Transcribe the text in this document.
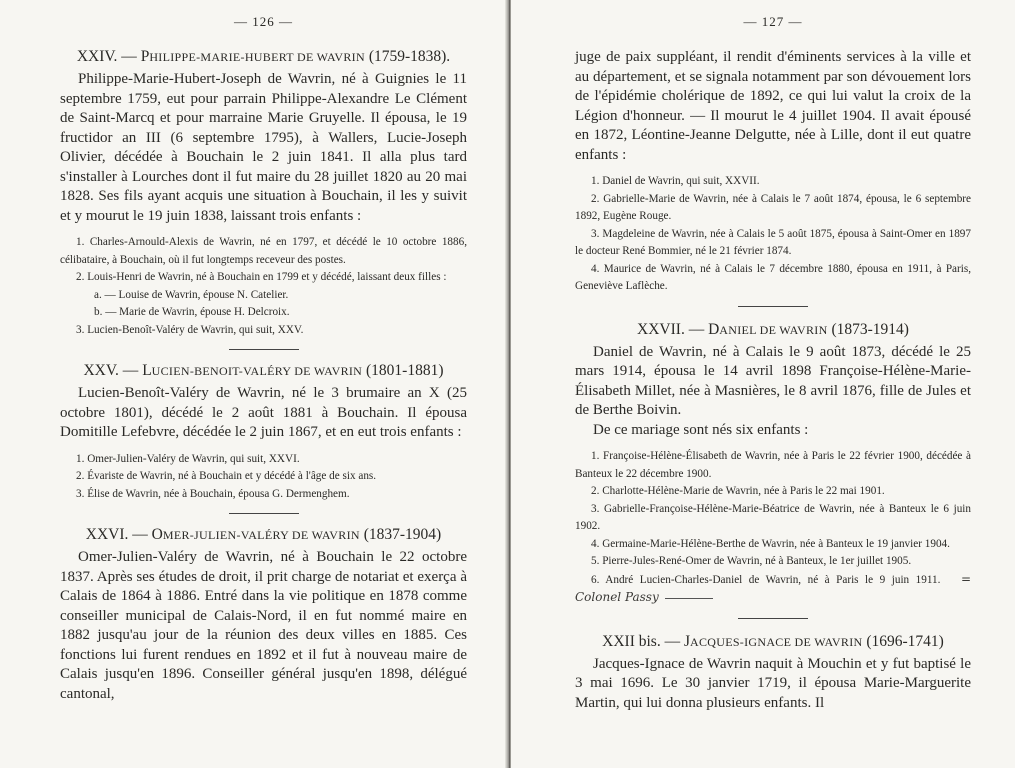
— 126 —
XXIV. — PHILIPPE-MARIE-HUBERT DE WAVRIN (1759-1838).

Philippe-Marie-Hubert-Joseph de Wavrin, né à Guignies le 11 septembre 1759, eut pour parrain Philippe-Alexandre Le Clément de Saint-Marcq et pour marraine Marie Gruyelle. Il épousa, le 19 fructidor an III (6 septembre 1795), à Wallers, Lucie-Joseph Olivier, décédée à Bouchain le 2 juin 1841. Il alla plus tard s'installer à Lourches dont il fut maire du 28 juillet 1820 au 20 mai 1828. Ses fils ayant acquis une situation à Bouchain, il les y suivit et y mourut le 19 juin 1838, laissant trois enfants :

1. Charles-Arnould-Alexis de Wavrin, né en 1797, et décédé le 10 octobre 1886, célibataire, à Bouchain, où il fut longtemps receveur des postes.
2. Louis-Henri de Wavrin, né à Bouchain en 1799 et y décédé, laissant deux filles :
a. — Louise de Wavrin, épouse N. Catelier.
b. — Marie de Wavrin, épouse H. Delcroix.
3. Lucien-Benoît-Valéry de Wavrin, qui suit, XXV.
XXV. — LUCIEN-BENOIT-VALÉRY DE WAVRIN (1801-1881)

Lucien-Benoît-Valéry de Wavrin, né le 3 brumaire an X (25 octobre 1801), décédé le 2 août 1881 à Bouchain. Il épousa Domitille Lefebvre, décédée le 2 juin 1867, et en eut trois enfants :

1. Omer-Julien-Valéry de Wavrin, qui suit, XXVI.
2. Évariste de Wavrin, né à Bouchain et y décédé à l'âge de six ans.
3. Élise de Wavrin, née à Bouchain, épousa G. Dermenghem.
XXVI. — OMER-JULIEN-VALÉRY DE WAVRIN (1837-1904)

Omer-Julien-Valéry de Wavrin, né à Bouchain le 22 octobre 1837. Après ses études de droit, il prit charge de notariat et exerça à Calais de 1864 à 1886. Entré dans la vie politique en 1878 comme conseiller municipal de Calais-Nord, il en fut nommé maire en 1882 jusqu'au jour de la réunion des deux villes en 1885. Ces fonctions lui furent rendues en 1892 et il fut à nouveau maire de Calais jusqu'en 1896. Conseiller général jusqu'en 1898, délégué cantonal,

— 127 —

juge de paix suppléant, il rendit d'éminents services à la ville et au département, et se signala notamment par son dévouement lors de l'épidémie cholérique de 1892, ce qui lui valut la croix de la Légion d'honneur. — Il mourut le 4 juillet 1904. Il avait épousé en 1872, Léontine-Jeanne Delgutte, née à Lille, dont il eut quatre enfants :

1. Daniel de Wavrin, qui suit, XXVII.
2. Gabrielle-Marie de Wavrin, née à Calais le 7 août 1874, épousa, le 6 septembre 1892, Eugène Rouge.
3. Magdeleine de Wavrin, née à Calais le 5 août 1875, épousa à Saint-Omer en 1897 le docteur René Bommier, né le 21 février 1874.
4. Maurice de Wavrin, né à Calais le 7 décembre 1880, épousa en 1911, à Paris, Geneviève Laflèche.
XXVII. — DANIEL DE WAVRIN (1873-1914)

Daniel de Wavrin, né à Calais le 9 août 1873, décédé le 25 mars 1914, épousa le 14 avril 1898 Françoise-Hélène-Marie-Élisabeth Millet, née à Masnières, le 8 avril 1876, fille de Jules et de Berthe Boivin.

De ce mariage sont nés six enfants :

1. Françoise-Hélène-Élisabeth de Wavrin, née à Paris le 22 février 1900, décédée à Banteux le 22 décembre 1900.
2. Charlotte-Hélène-Marie de Wavrin, née à Paris le 22 mai 1901.
3. Gabrielle-Françoise-Hélène-Marie-Béatrice de Wavrin, née à Banteux le 6 juin 1902.
4. Germaine-Marie-Hélène-Berthe de Wavrin, née à Banteux le 19 janvier 1904.
5. Pierre-Jules-René-Omer de Wavrin, né à Banteux, le 1er juillet 1905.
6. André Lucien-Charles-Daniel de Wavrin, né à Paris le 9 juin 1911. = Colonel Passy
XXII bis. — JACQUES-IGNACE DE WAVRIN (1696-1741)

Jacques-Ignace de Wavrin naquit à Mouchin et y fut baptisé le 3 mai 1696. Le 30 janvier 1719, il épousa Marie-Marguerite Martin, qui lui donna plusieurs enfants. Il
